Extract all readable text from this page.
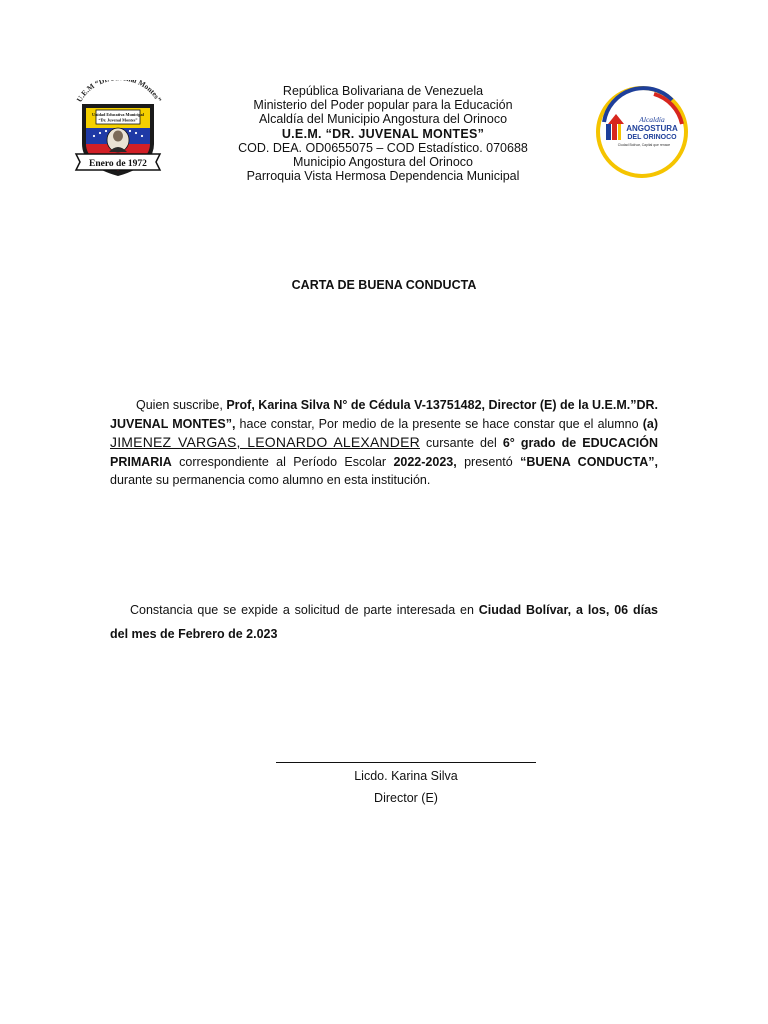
U.E.M “D l Montes”
Unidad Educativa Municipal
“Dr. Juvenal Montes”
Enero de 1972
República Bolivariana de Venezuela
Ministerio del Poder popular para la Educación
Alcaldía del Municipio Angostura del Orinoco
U.E.M. “DR. JUVENAL MONTES”
COD. DEA. OD0655075 – COD Estadístico. 070688
Municipio Angostura del Orinoco
Parroquia Vista Hermosa Dependencia Municipal
Alcaldía
ANGOSTURA
DEL ORINOCO
Ciudad Bolívar, Capital que renace
CARTA DE BUENA CONDUCTA
Quien suscribe, Prof, Karina Silva N° de Cédula V-13751482, Director (E) de la U.E.M.”DR. JUVENAL MONTES”, hace constar, Por medio de la presente se hace constar que el alumno (a) JIMENEZ VARGAS, LEONARDO ALEXANDER cursante del 6° grado de EDUCACIÓN PRIMARIA correspondiente al Período Escolar 2022-2023, presentó “BUENA CONDUCTA”, durante su permanencia como alumno en esta institución.
Constancia que se expide a solicitud de parte interesada en Ciudad Bolívar, a los, 06 días del mes de Febrero de 2.023
Licdo. Karina Silva
Director (E)
